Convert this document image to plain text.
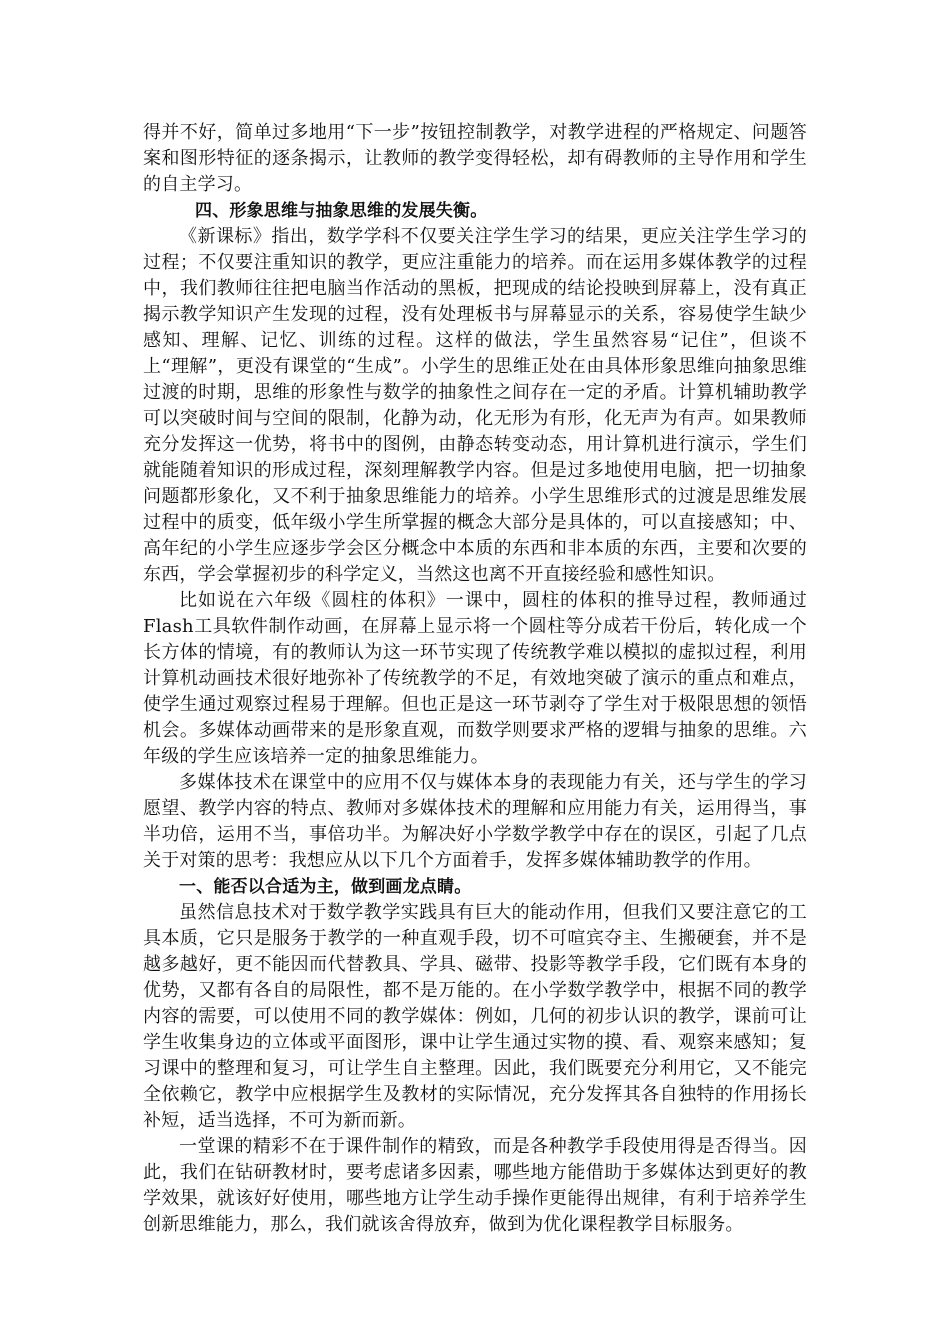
得并不好，简单过多地用“下一步”按钮控制教学，对教学进程的严格规定、问题答案和图形特征的逐条揭示，让教师的教学变得轻松，却有碍教师的主导作用和学生的自主学习。

四、形象思维与抽象思维的发展失衡。

《新课标》指出，数学学科不仅要关注学生学习的结果，更应关注学生学习的过程；不仅要注重知识的教学，更应注重能力的培养。而在运用多媒体教学的过程中，我们教师往往把电脑当作活动的黑板，把现成的结论投映到屏幕上，没有真正揭示教学知识产生发现的过程，没有处理板书与屏幕显示的关系，容易使学生缺少感知、理解、记忆、训练的过程。这样的做法，学生虽然容易“记住”，但谈不上“理解”，更没有课堂的“生成”。小学生的思维正处在由具体形象思维向抽象思维过渡的时期，思维的形象性与数学的抽象性之间存在一定的矛盾。计算机辅助教学可以突破时间与空间的限制，化静为动，化无形为有形，化无声为有声。如果教师充分发挥这一优势，将书中的图例，由静态转变动态，用计算机进行演示，学生们就能随着知识的形成过程，深刻理解教学内容。但是过多地使用电脑，把一切抽象问题都形象化，又不利于抽象思维能力的培养。小学生思维形式的过渡是思维发展过程中的质变，低年级小学生所掌握的概念大部分是具体的，可以直接感知；中、高年纪的小学生应逐步学会区分概念中本质的东西和非本质的东西，主要和次要的东西，学会掌握初步的科学定义，当然这也离不开直接经验和感性知识。

比如说在六年级《圆柱的体积》一课中，圆柱的体积的推导过程，教师通过Flash工具软件制作动画，在屏幕上显示将一个圆柱等分成若干份后，转化成一个长方体的情境，有的教师认为这一环节实现了传统教学难以模拟的虚拟过程，利用计算机动画技术很好地弥补了传统教学的不足，有效地突破了演示的重点和难点，使学生通过观察过程易于理解。但也正是这一环节剥夺了学生对于极限思想的领悟机会。多媒体动画带来的是形象直观，而数学则要求严格的逻辑与抽象的思维。六年级的学生应该培养一定的抽象思维能力。

多媒体技术在课堂中的应用不仅与媒体本身的表现能力有关，还与学生的学习愿望、教学内容的特点、教师对多媒体技术的理解和应用能力有关，运用得当，事半功倍，运用不当，事倍功半。为解决好小学数学教学中存在的误区，引起了几点关于对策的思考：我想应从以下几个方面着手，发挥多媒体辅助教学的作用。

一、能否以合适为主，做到画龙点睛。

虽然信息技术对于数学教学实践具有巨大的能动作用，但我们又要注意它的工具本质，它只是服务于教学的一种直观手段，切不可喧宾夺主、生搬硬套，并不是越多越好，更不能因而代替教具、学具、磁带、投影等教学手段，它们既有本身的优势，又都有各自的局限性，都不是万能的。在小学数学教学中，根据不同的教学内容的需要，可以使用不同的教学媒体：例如，几何的初步认识的教学，课前可让学生收集身边的立体或平面图形，课中让学生通过实物的摸、看、观察来感知；复习课中的整理和复习，可让学生自主整理。因此，我们既要充分利用它，又不能完全依赖它，教学中应根据学生及教材的实际情况，充分发挥其各自独特的作用扬长补短，适当选择，不可为新而新。

一堂课的精彩不在于课件制作的精致，而是各种教学手段使用得是否得当。因此，我们在钻研教材时，要考虑诸多因素，哪些地方能借助于多媒体达到更好的教学效果，就该好好使用，哪些地方让学生动手操作更能得出规律，有利于培养学生创新思维能力，那么，我们就该舍得放弃，做到为优化课程教学目标服务。
